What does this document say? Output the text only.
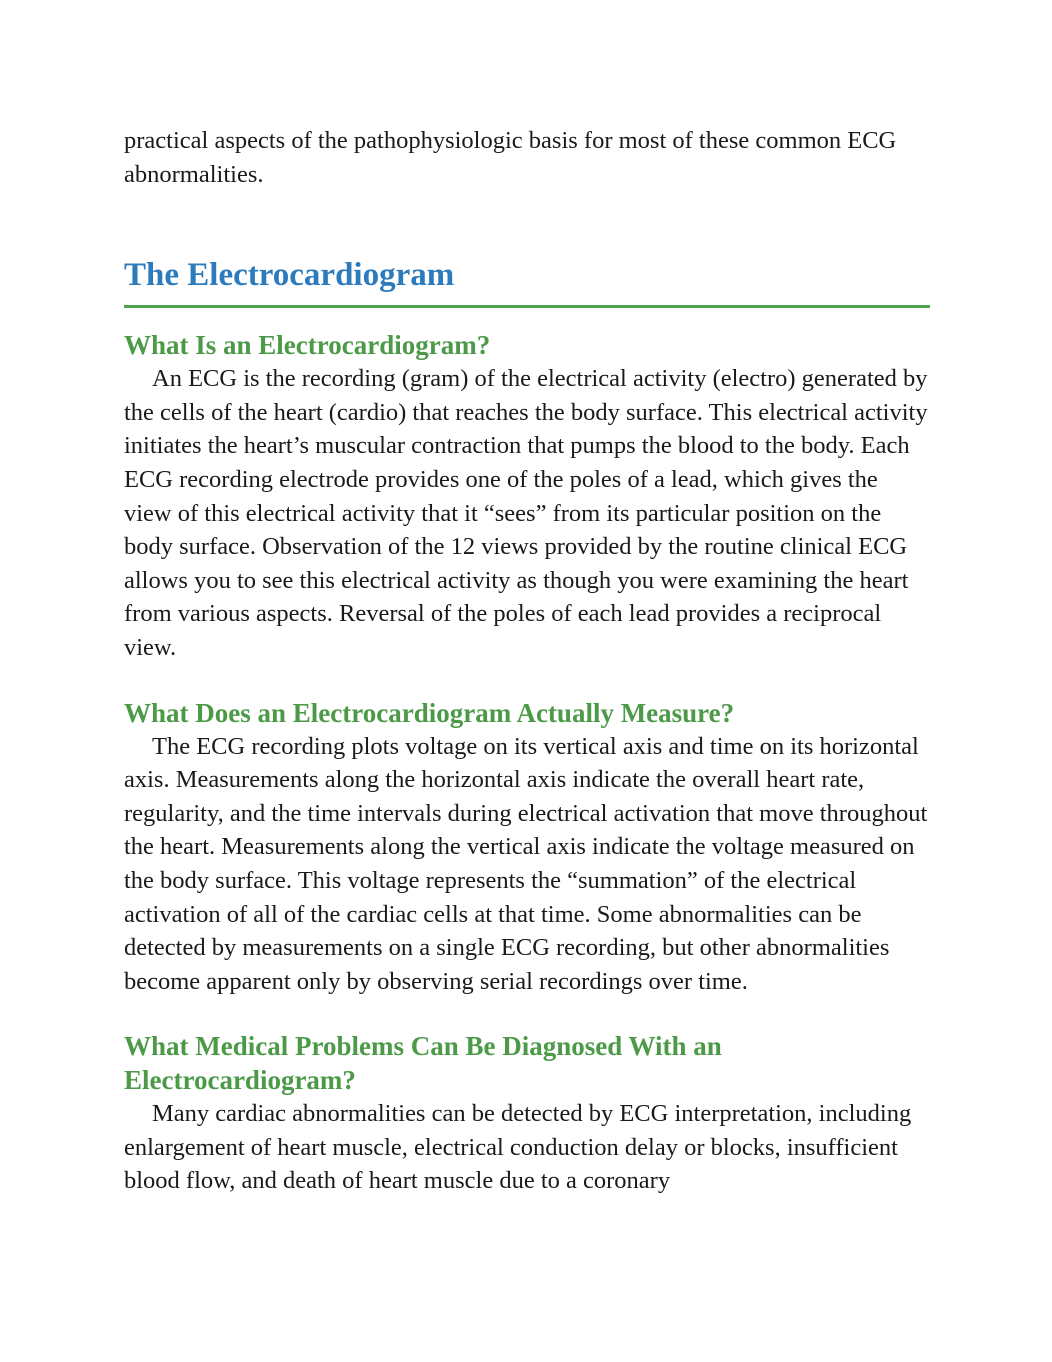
practical aspects of the pathophysiologic basis for most of these common ECG abnormalities.

The Electrocardiogram
What Is an Electrocardiogram?

An ECG is the recording (gram) of the electrical activity (electro) generated by the cells of the heart (cardio) that reaches the body surface. This electrical activity initiates the heart’s muscular contraction that pumps the blood to the body. Each ECG recording electrode provides one of the poles of a lead, which gives the view of this electrical activity that it “sees” from its particular position on the body surface. Observation of the 12 views provided by the routine clinical ECG allows you to see this electrical activity as though you were examining the heart from various aspects. Reversal of the poles of each lead provides a reciprocal view.

What Does an Electrocardiogram Actually Measure?

The ECG recording plots voltage on its vertical axis and time on its horizontal axis. Measurements along the horizontal axis indicate the overall heart rate, regularity, and the time intervals during electrical activation that move throughout the heart. Measurements along the vertical axis indicate the voltage measured on the body surface. This voltage represents the “summation” of the electrical activation of all of the cardiac cells at that time. Some abnormalities can be detected by measurements on a single ECG recording, but other abnormalities become apparent only by observing serial recordings over time.

What Medical Problems Can Be Diagnosed With an Electrocardiogram?

Many cardiac abnormalities can be detected by ECG interpretation, including enlargement of heart muscle, electrical conduction delay or blocks, insufficient blood flow, and death of heart muscle due to a coronary
